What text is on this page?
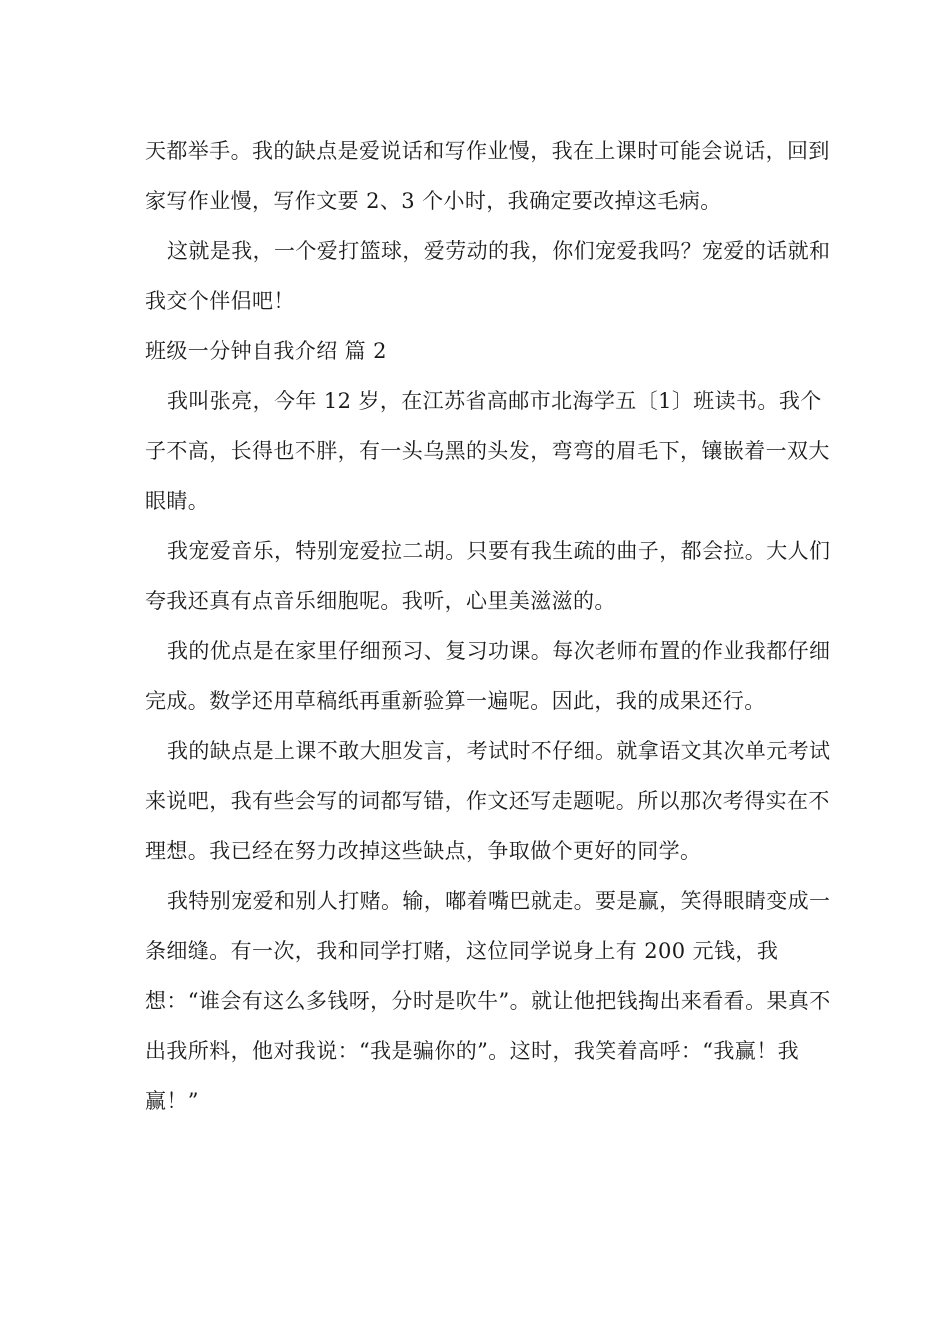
天都举手。我的缺点是爱说话和写作业慢，我在上课时可能会说话，回到家写作业慢，写作文要 2、3 个小时，我确定要改掉这毛病。

这就是我，一个爱打篮球，爱劳动的我，你们宠爱我吗？宠爱的话就和我交个伴侣吧！

班级一分钟自我介绍 篇 2

我叫张亮，今年 12 岁，在江苏省高邮市北海学五〔1〕班读书。我个子不高，长得也不胖，有一头乌黑的头发，弯弯的眉毛下，镶嵌着一双大眼睛。

我宠爱音乐，特别宠爱拉二胡。只要有我生疏的曲子，都会拉。大人们夸我还真有点音乐细胞呢。我听，心里美滋滋的。

我的优点是在家里仔细预习、复习功课。每次老师布置的作业我都仔细完成。数学还用草稿纸再重新验算一遍呢。因此，我的成果还行。

我的缺点是上课不敢大胆发言，考试时不仔细。就拿语文其次单元考试来说吧，我有些会写的词都写错，作文还写走题呢。所以那次考得实在不理想。我已经在努力改掉这些缺点，争取做个更好的同学。

我特别宠爱和别人打赌。输，嘟着嘴巴就走。要是赢，笑得眼睛变成一条细缝。有一次，我和同学打赌，这位同学说身上有 200 元钱，我想：“谁会有这么多钱呀，分时是吹牛”。就让他把钱掏出来看看。果真不出我所料，他对我说：“我是骗你的”。这时，我笑着高呼：“我赢！我赢！”
